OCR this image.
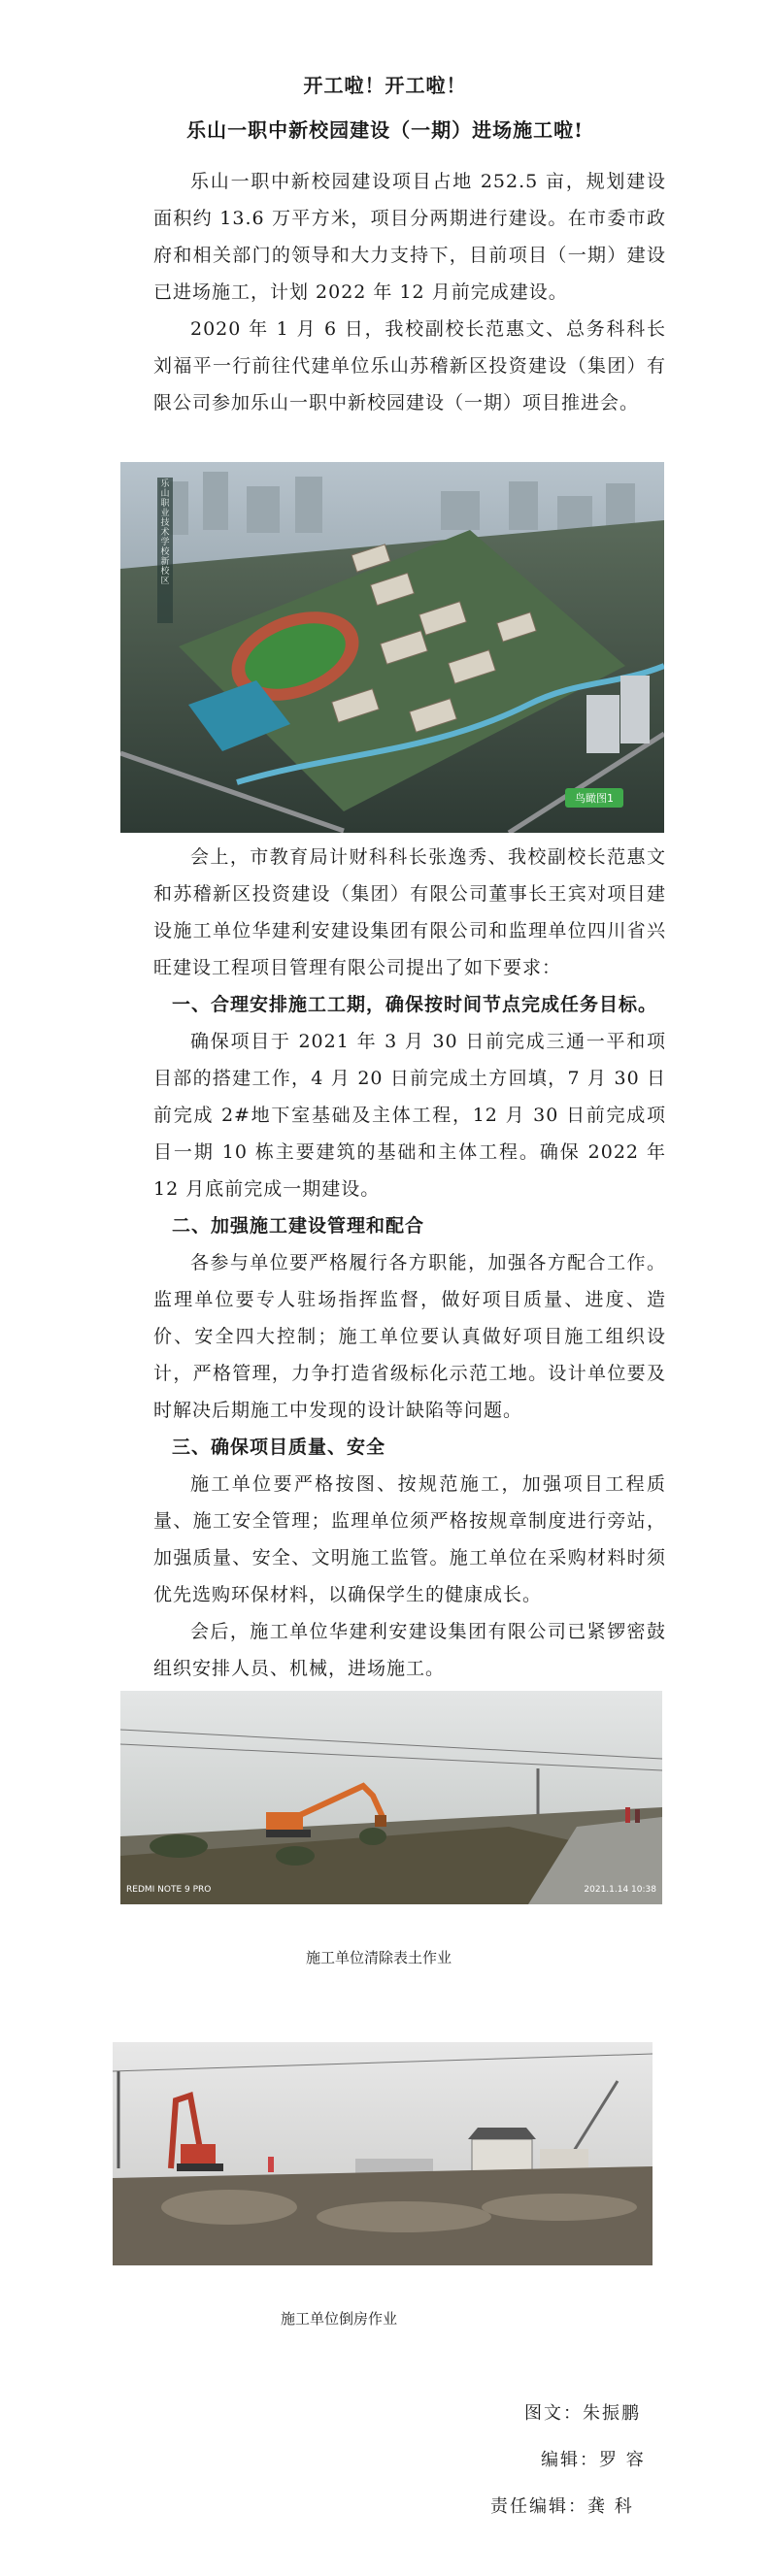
开工啦！开工啦！
乐山一职中新校园建设（一期）进场施工啦!

乐山一职中新校园建设项目占地 252.5 亩，规划建设面积约 13.6 万平方米，项目分两期进行建设。在市委市政府和相关部门的领导和大力支持下，目前项目（一期）建设已进场施工，计划 2022 年 12 月前完成建设。

2020 年 1 月 6 日，我校副校长范惠文、总务科科长刘福平一行前往代建单位乐山苏稽新区投资建设（集团）有限公司参加乐山一职中新校园建设（一期）项目推进会。

乐山职业技术学校新校区
鸟瞰图1

会上，市教育局计财科科长张逸秀、我校副校长范惠文和苏稽新区投资建设（集团）有限公司董事长王宾对项目建设施工单位华建利安建设集团有限公司和监理单位四川省兴旺建设工程项目管理有限公司提出了如下要求：

一、合理安排施工工期，确保按时间节点完成任务目标。

确保项目于 2021 年 3 月 30 日前完成三通一平和项目部的搭建工作，4 月 20 日前完成土方回填，7 月 30 日前完成 2#地下室基础及主体工程，12 月 30 日前完成项目一期 10 栋主要建筑的基础和主体工程。确保 2022 年 12 月底前完成一期建设。

二、加强施工建设管理和配合

各参与单位要严格履行各方职能，加强各方配合工作。监理单位要专人驻场指挥监督，做好项目质量、进度、造价、安全四大控制；施工单位要认真做好项目施工组织设计，严格管理，力争打造省级标化示范工地。设计单位要及时解决后期施工中发现的设计缺陷等问题。

三、确保项目质量、安全

施工单位要严格按图、按规范施工，加强项目工程质量、施工安全管理；监理单位须严格按规章制度进行旁站，加强质量、安全、文明施工监管。施工单位在采购材料时须优先选购环保材料，以确保学生的健康成长。

会后，施工单位华建利安建设集团有限公司已紧锣密鼓组织安排人员、机械，进场施工。

REDMI NOTE 9 PRO	2021.1.14 10:38
施工单位清除表土作业
施工单位倒房作业
图文：朱振鹏
编辑：罗 容
责任编辑：龚 科
